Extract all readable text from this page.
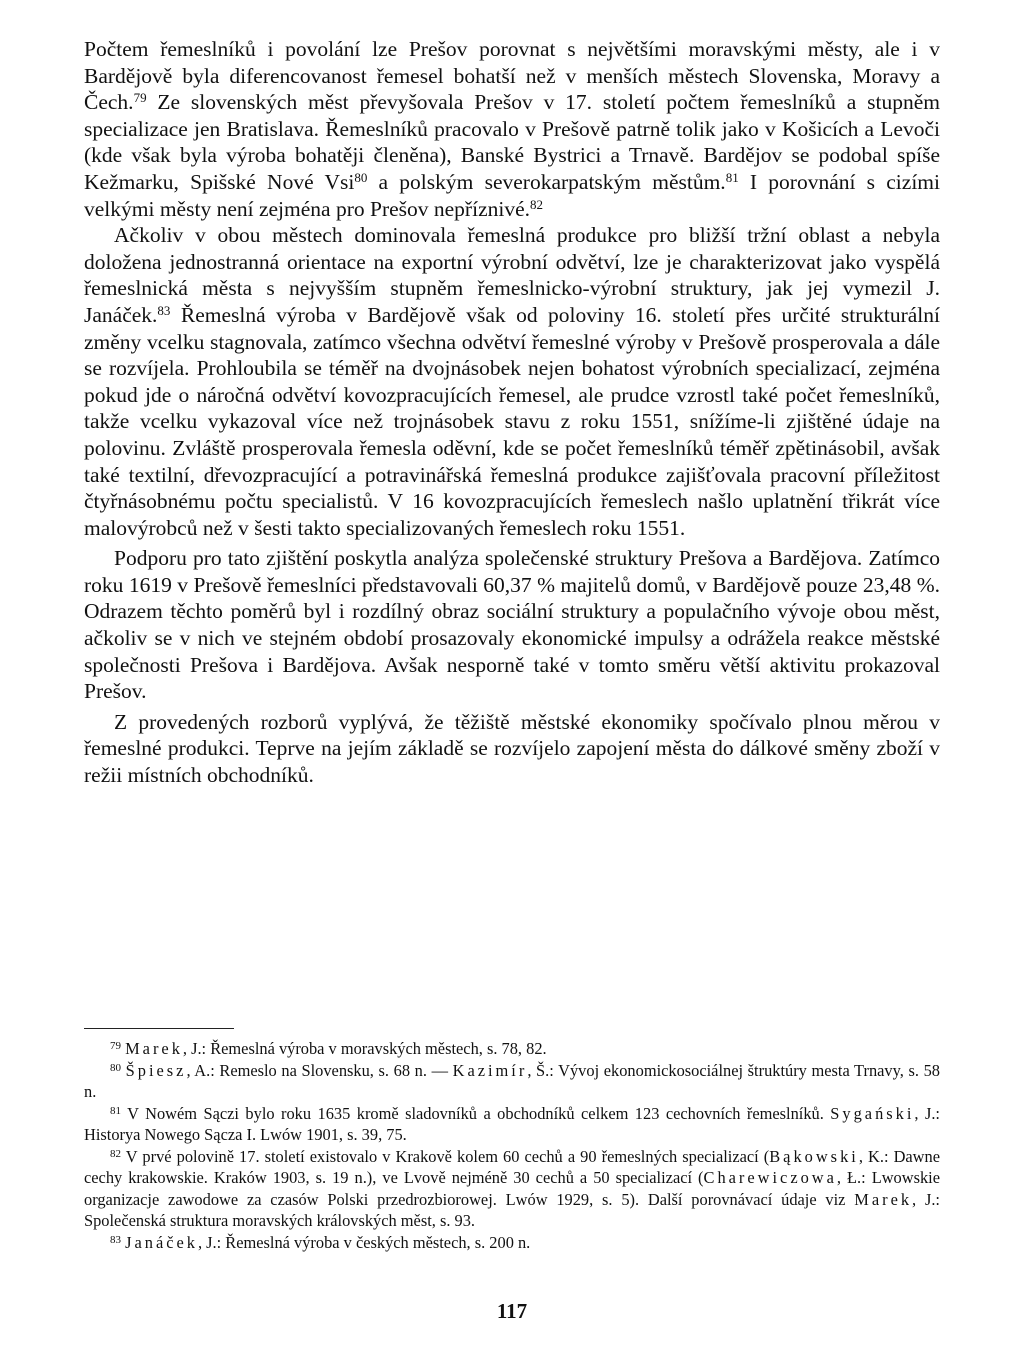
Počtem řemeslníků i povolání lze Prešov porovnat s největšími moravskými městy, ale i v Bardějově byla diferencovanost řemesel bohatší než v menších městech Slovenska, Moravy a Čech.$^{79}$ Ze slovenských měst převyšovala Prešov v 17. století počtem řemeslníků a stupněm specializace jen Bratislava. Řemeslníků pracovalo v Prešově patrně tolik jako v Košicích a Levoči (kde však byla výroba bohatěji členěna), Banské Bystrici a Trnavě. Bardějov se podobal spíše Kežmarku, Spišské Nové Vsi$^{80}$ a polským severokarpatským městům.$^{81}$ I porovnání s cizími velkými městy není zejména pro Prešov nepříznivé.$^{82}$

Ačkoliv v obou městech dominovala řemeslná produkce pro bližší tržní oblast a nebyla doložena jednostranná orientace na exportní výrobní odvětví, lze je charakterizovat jako vyspělá řemeslnická města s nejvyšším stupněm řemeslnicko-výrobní struktury, jak jej vymezil J. Janáček.$^{83}$ Řemeslná výroba v Bardějově však od poloviny 16. století přes určité strukturální změny vcelku stagnovala, zatímco všechna odvětví řemeslné výroby v Prešově prosperovala a dále se rozvíjela. Prohloubila se téměř na dvojnásobek nejen bohatost výrobních specializací, zejména pokud jde o náročná odvětví kovozpracujících řemesel, ale prudce vzrostl také počet řemeslníků, takže vcelku vykazoval více než trojnásobek stavu z roku 1551, snížíme-li zjištěné údaje na polovinu. Zvláště prosperovala řemesla oděvní, kde se počet řemeslníků téměř zpětinásobil, avšak také textilní, dřevozpracující a potravinářská řemeslná produkce zajišťovala pracovní příležitost čtyřnásobnému počtu specialistů. V 16 kovozpracujících řemeslech našlo uplatnění třikrát více malovýrobců než v šesti takto specializovaných řemeslech roku 1551.

Podporu pro tato zjištění poskytla analýza společenské struktury Prešova a Bardějova. Zatímco roku 1619 v Prešově řemeslníci představovali 60,37 % majitelů domů, v Bardějově pouze 23,48 %. Odrazem těchto poměrů byl i rozdílný obraz sociální struktury a populačního vývoje obou měst, ačkoliv se v nich ve stejném období prosazovaly ekonomické impulsy a odrážela reakce městské společnosti Prešova i Bardějova. Avšak nesporně také v tomto směru větší aktivitu prokazoval Prešov.

Z provedených rozborů vyplývá, že těžiště městské ekonomiky spočívalo plnou měrou v řemeslné produkci. Teprve na jejím základě se rozvíjelo zapojení města do dálkové směny zboží v režii místních obchodníků.

$^{79}$ Marek, J.: Řemeslná výroba v moravských městech, s. 78, 82.

$^{80}$ Špiesz, A.: Remeslo na Slovensku, s. 68 n. — Kazimír, Š.: Vývoj ekonomickosociálnej štruktúry mesta Trnavy, s. 58 n.

$^{81}$ V Nowém Sączi bylo roku 1635 kromě sladovníků a obchodníků celkem 123 cechovních řemeslníků. Sygański, J.: Historya Nowego Sącza I. Lwów 1901, s. 39, 75.

$^{82}$ V prvé polovině 17. století existovalo v Krakově kolem 60 cechů a 90 řemeslných specializací (Bąkowski, K.: Dawne cechy krakowskie. Kraków 1903, s. 19 n.), ve Lvově nejméně 30 cechů a 50 specializací (Charewiczowa, Ł.: Lwowskie organizacje zawodowe za czasów Polski przedrozbiorowej. Lwów 1929, s. 5). Další porovnávací údaje viz Marek, J.: Společenská struktura moravských královských měst, s. 93.

$^{83}$ Janáček, J.: Řemeslná výroba v českých městech, s. 200 n.

117
